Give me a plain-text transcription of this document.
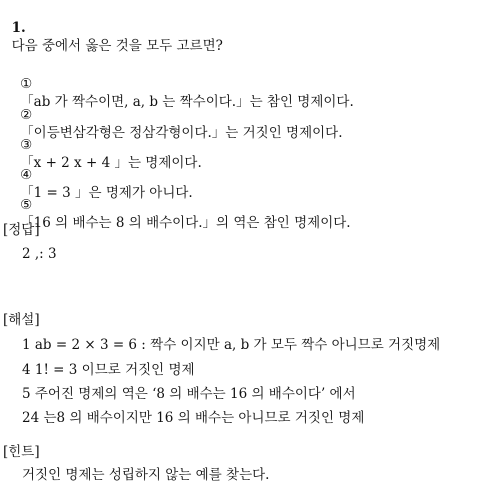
1.
다음 중에서 옳은 것을 모두 고르면?

①
「ab 가 짝수이면, a, b 는 짝수이다.」는 참인 명제이다.

②
「이등변삼각형은 정삼각형이다.」는 거짓인 명제이다.

③
「x + 2 x + 4 」는 명제이다.

④
「1 = 3 」은 명제가 아니다.

⑤
「16 의 배수는 8 의 배수이다.」의 역은 참인 명제이다.

[정답]
2 ,: 3
[해설]
1 ab = 2 × 3 = 6 : 짝수 이지만 a, b 가 모두 짝수 아니므로 거짓명제
4 1! = 3 이므로 거짓인 명제
5 주어진 명제의 역은 ‘8 의 배수는 16 의 배수이다’ 에서
24 는8 의 배수이지만 16 의 배수는 아니므로 거짓인 명제
[힌트]
거짓인 명제는 성립하지 않는 예를 찾는다.
